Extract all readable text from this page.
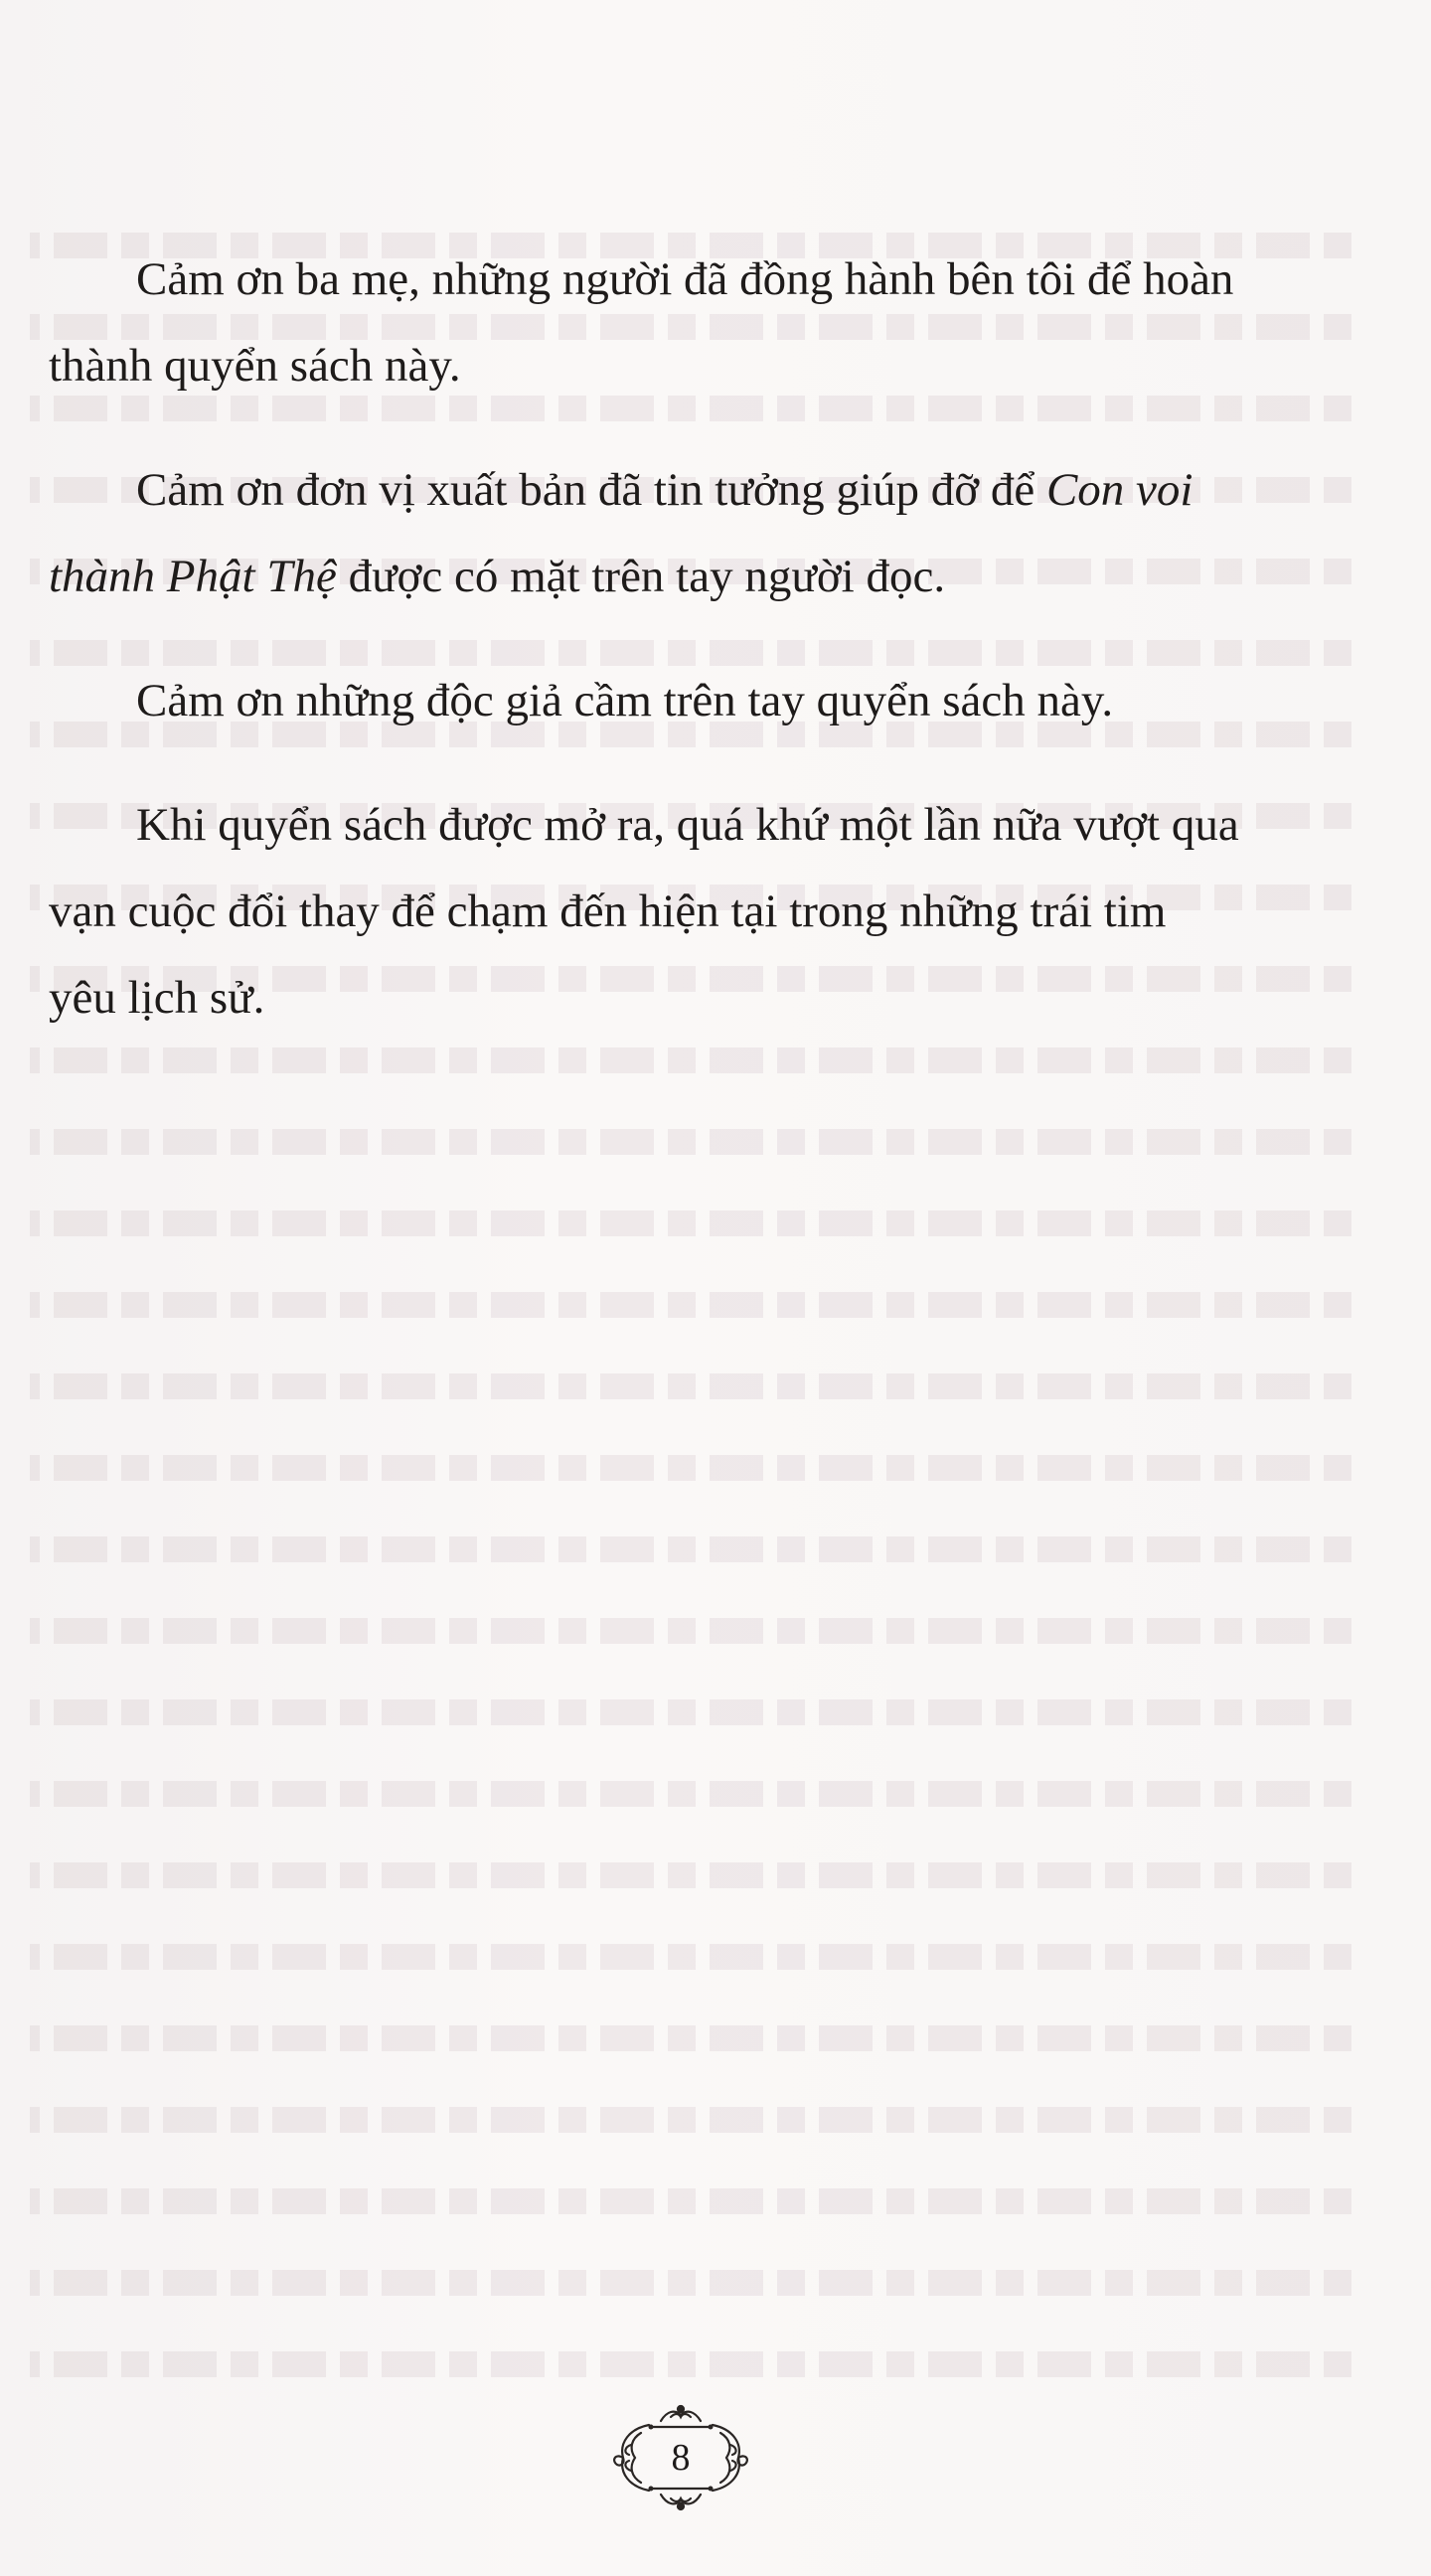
Cảm ơn ba mẹ, những người đã đồng hành bên tôi để hoàn
thành quyển sách này.

Cảm ơn đơn vị xuất bản đã tin tưởng giúp đỡ để Con voi
thành Phật Thệ được có mặt trên tay người đọc.

Cảm ơn những độc giả cầm trên tay quyển sách này.

Khi quyển sách được mở ra, quá khứ một lần nữa vượt qua
vạn cuộc đổi thay để chạm đến hiện tại trong những trái tim
yêu lịch sử.

8
